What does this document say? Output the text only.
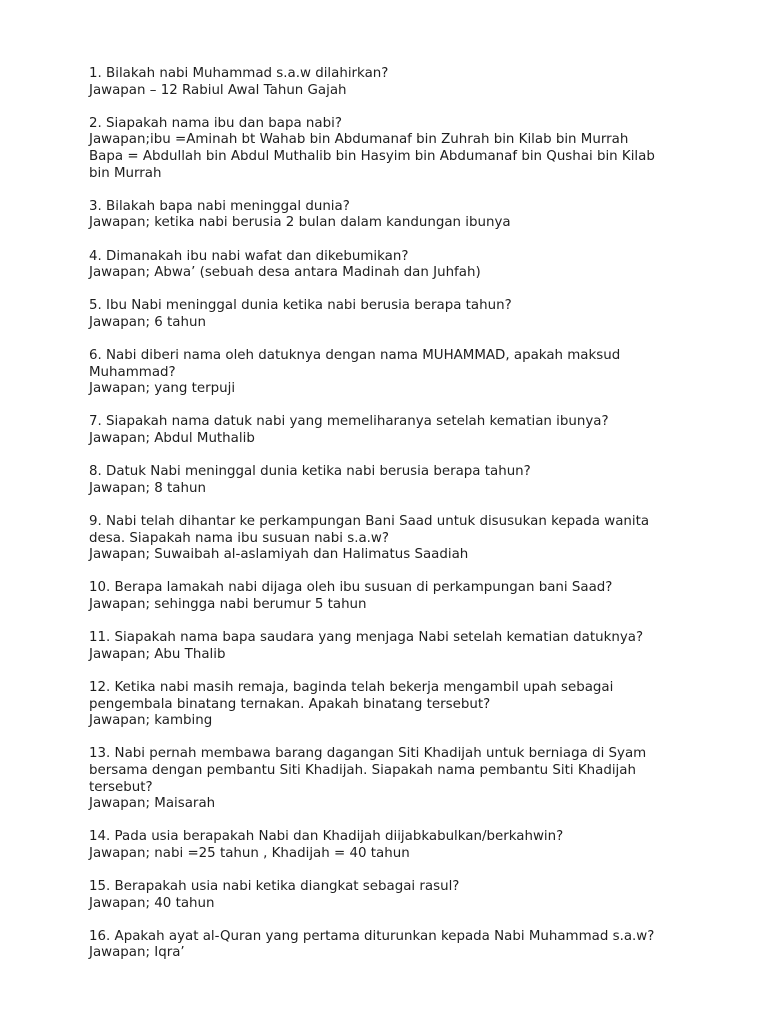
1. Bilakah nabi Muhammad s.a.w dilahirkan?
Jawapan – 12 Rabiul Awal Tahun Gajah
2. Siapakah nama ibu dan bapa nabi?
Jawapan;ibu =Aminah bt Wahab bin Abdumanaf bin Zuhrah bin Kilab bin Murrah
Bapa = Abdullah bin Abdul Muthalib bin Hasyim bin Abdumanaf bin Qushai bin Kilab
bin Murrah
3. Bilakah bapa nabi meninggal dunia?
Jawapan; ketika nabi berusia 2 bulan dalam kandungan ibunya
4. Dimanakah ibu nabi wafat dan dikebumikan?
Jawapan; Abwa’ (sebuah desa antara Madinah dan Juhfah)
5. Ibu Nabi meninggal dunia ketika nabi berusia berapa tahun?
Jawapan; 6 tahun
6. Nabi diberi nama oleh datuknya dengan nama MUHAMMAD, apakah maksud
Muhammad?
Jawapan; yang terpuji
7. Siapakah nama datuk nabi yang memeliharanya setelah kematian ibunya?
Jawapan; Abdul Muthalib
8. Datuk Nabi meninggal dunia ketika nabi berusia berapa tahun?
Jawapan; 8 tahun
9. Nabi telah dihantar ke perkampungan Bani Saad untuk disusukan kepada wanita
desa. Siapakah nama ibu susuan nabi s.a.w?
Jawapan; Suwaibah al-aslamiyah dan Halimatus Saadiah
10. Berapa lamakah nabi dijaga oleh ibu susuan di perkampungan bani Saad?
Jawapan; sehingga nabi berumur 5 tahun
11. Siapakah nama bapa saudara yang menjaga Nabi setelah kematian datuknya?
Jawapan; Abu Thalib
12. Ketika nabi masih remaja, baginda telah bekerja mengambil upah sebagai
pengembala binatang ternakan. Apakah binatang tersebut?
Jawapan; kambing
13. Nabi pernah membawa barang dagangan Siti Khadijah untuk berniaga di Syam
bersama dengan pembantu Siti Khadijah. Siapakah nama pembantu Siti Khadijah
tersebut?
Jawapan; Maisarah
14. Pada usia berapakah Nabi dan Khadijah diijabkabulkan/berkahwin?
Jawapan; nabi =25 tahun , Khadijah = 40 tahun
15. Berapakah usia nabi ketika diangkat sebagai rasul?
Jawapan; 40 tahun
16. Apakah ayat al-Quran yang pertama diturunkan kepada Nabi Muhammad s.a.w?
Jawapan; Iqra’
